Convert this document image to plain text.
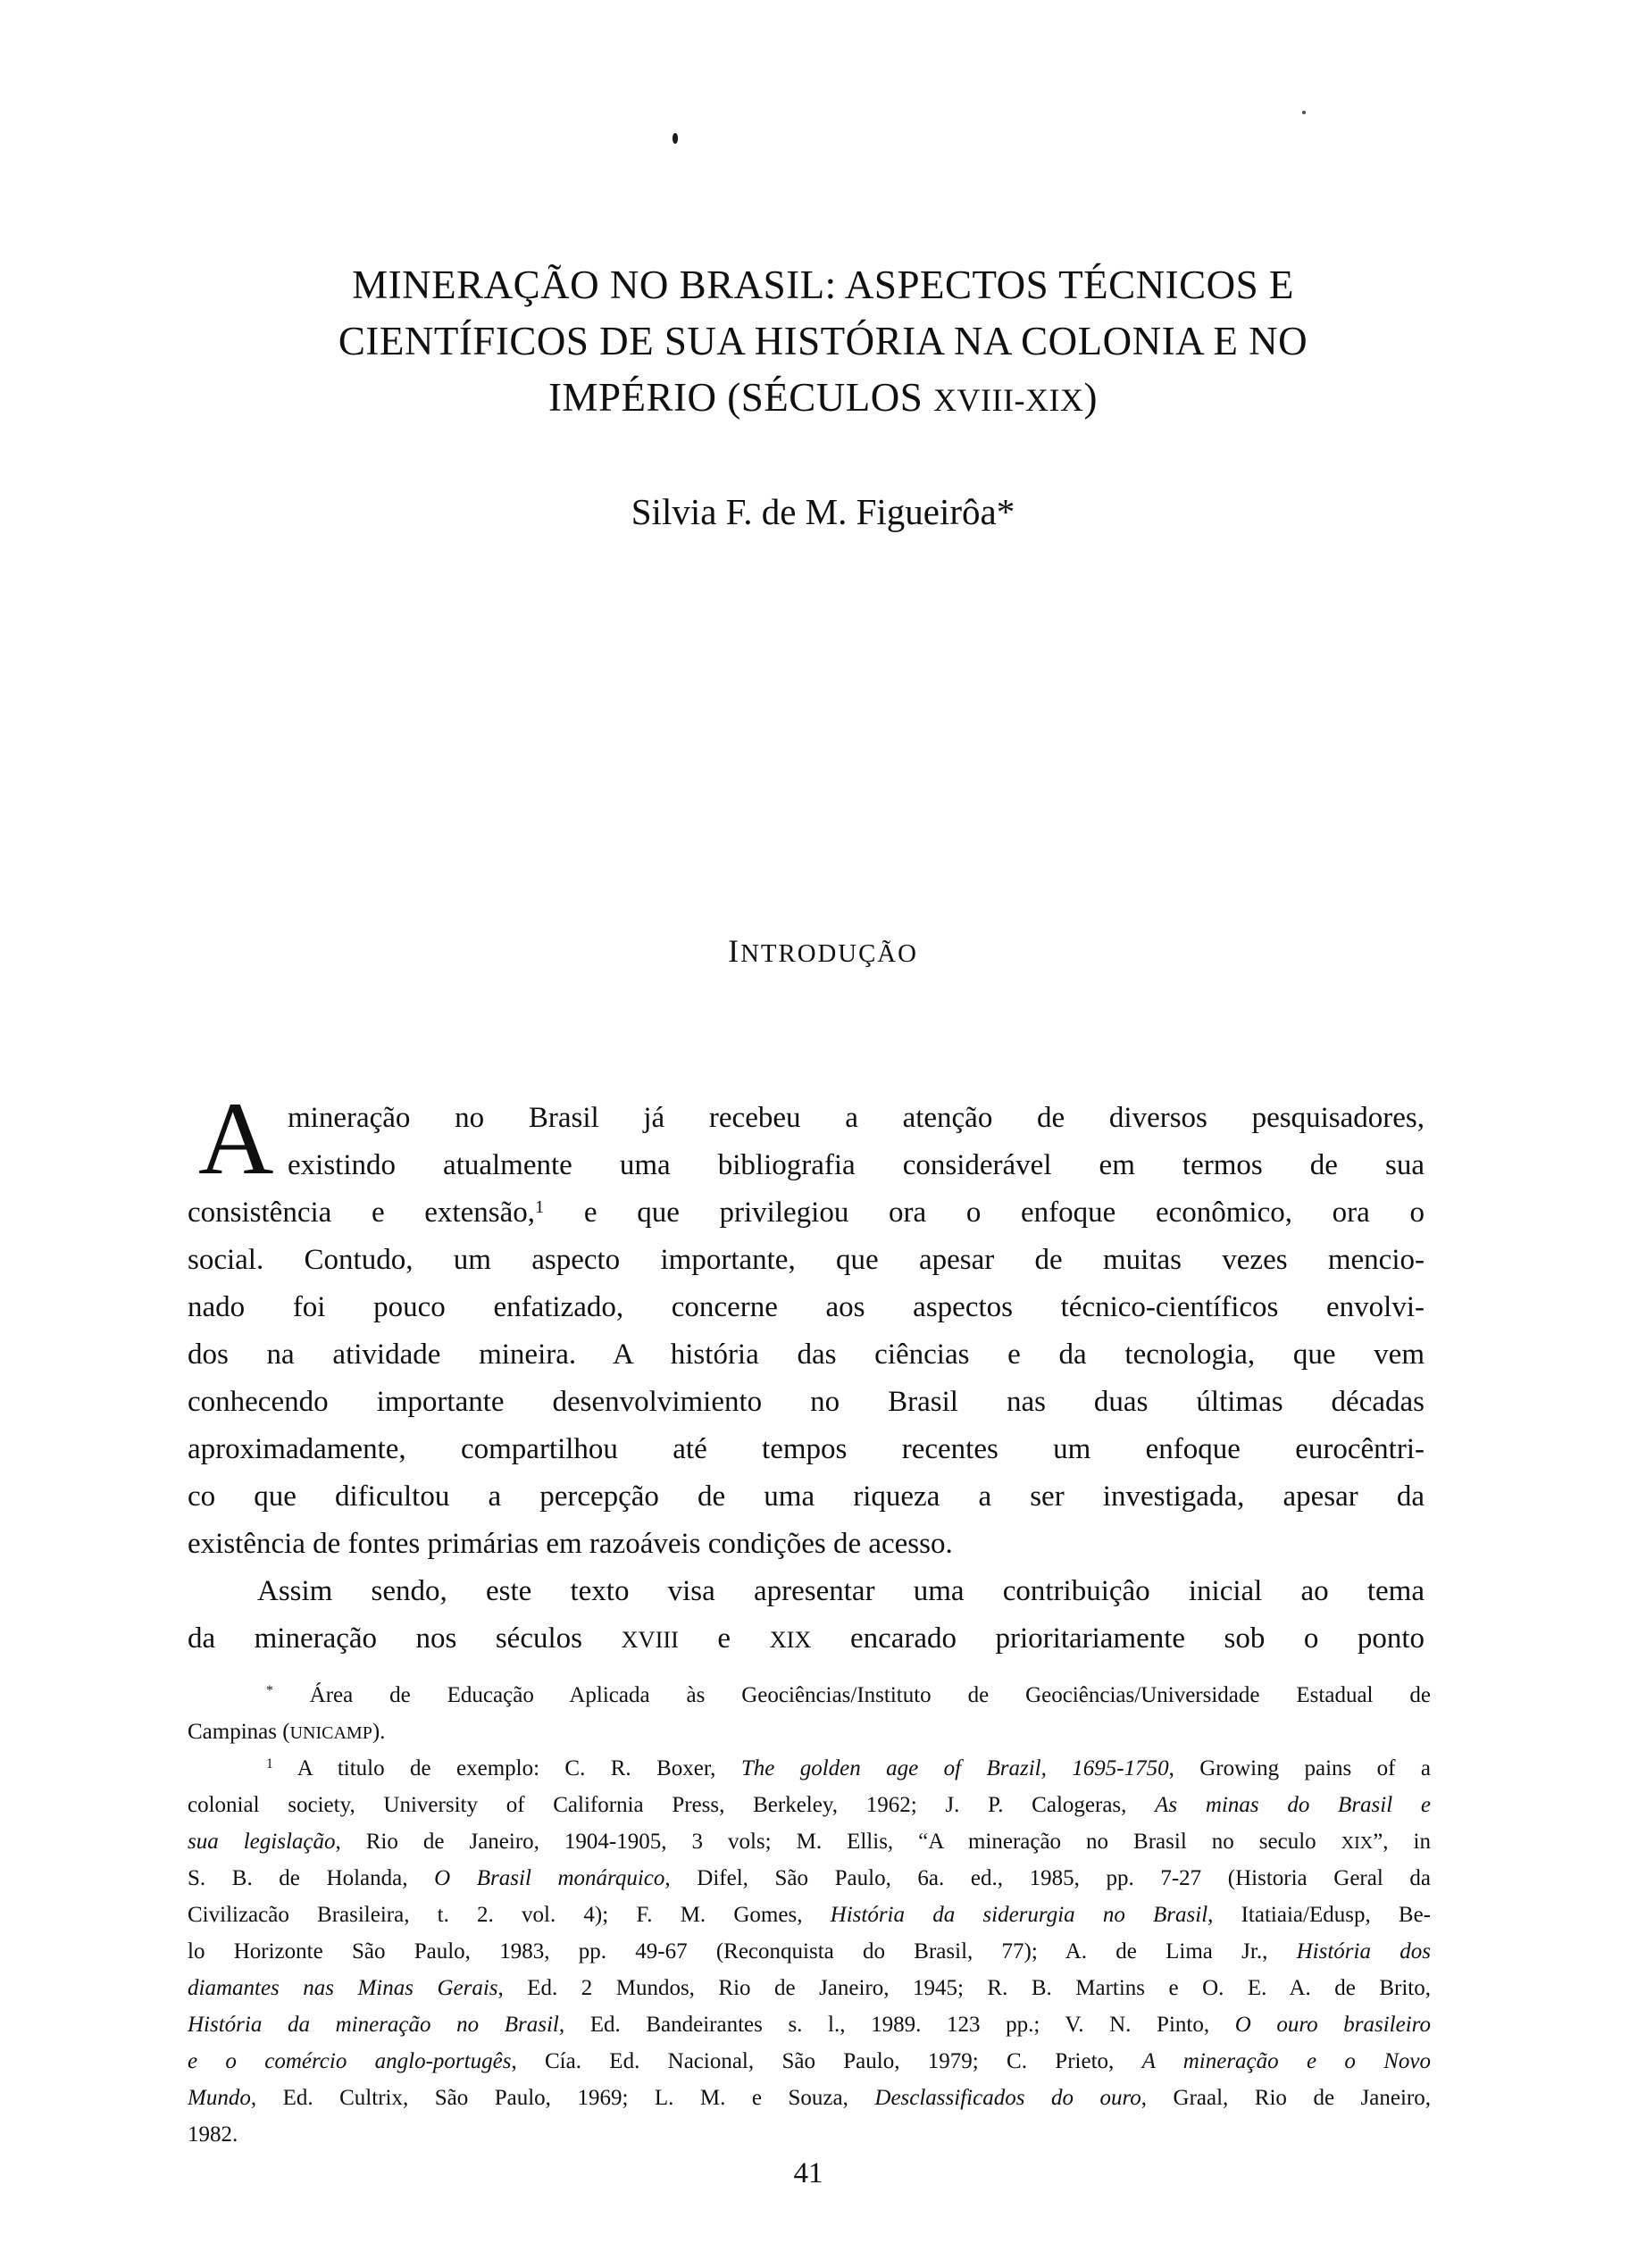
MINERAÇÃO NO BRASIL: ASPECTOS TÉCNICOS E
CIENTÍFICOS DE SUA HISTÓRIA NA COLONIA E NO
IMPÉRIO (SÉCULOS XVIII-XIX)
Silvia F. de M. Figueirôa*
INTRODUÇÃO
A mineração no Brasil já recebeu a atenção de diversos pesquisadores,
existindo atualmente uma bibliografia considerável em termos de sua
consistência e extensão,$^1$ e que privilegiou ora o enfoque econômico, ora o
social. Contudo, um aspecto importante, que apesar de muitas vezes mencio-
nado foi pouco enfatizado, concerne aos aspectos técnico-científicos envolvi-
dos na atividade mineira. A história das ciências e da tecnologia, que vem
conhecendo importante desenvolvimiento no Brasil nas duas últimas décadas
aproximadamente, compartilhou até tempos recentes um enfoque eurocêntri-
co que dificultou a percepção de uma riqueza a ser investigada, apesar da
existência de fontes primárias em razoáveis condições de acesso.
Assim sendo, este texto visa apresentar uma contribuiçâo inicial ao tema
da mineração nos séculos XVIII e XIX encarado prioritariamente sob o ponto
* Área de Educação Aplicada às Geociências/Instituto de Geociências/Universidade Estadual de
Campinas (UNICAMP).
$^1$ A titulo de exemplo: C. R. Boxer, The golden age of Brazil, 1695-1750, Growing pains of a
colonial society, University of California Press, Berkeley, 1962; J. P. Calogeras, As minas do Brasil e
sua legislação, Rio de Janeiro, 1904-1905, 3 vols; M. Ellis, “A mineração no Brasil no seculo XIX”, in
S. B. de Holanda, O Brasil monárquico, Difel, São Paulo, 6a. ed., 1985, pp. 7-27 (Historia Geral da
Civilizacão Brasileira, t. 2. vol. 4); F. M. Gomes, História da siderurgia no Brasil, Itatiaia/Edusp, Be-
lo Horizonte São Paulo, 1983, pp. 49-67 (Reconquista do Brasil, 77); A. de Lima Jr., História dos
diamantes nas Minas Gerais, Ed. 2 Mundos, Rio de Janeiro, 1945; R. B. Martins e O. E. A. de Brito,
História da mineração no Brasil, Ed. Bandeirantes s. l., 1989. 123 pp.; V. N. Pinto, O ouro brasileiro
e o comércio anglo-portugês, Cía. Ed. Nacional, São Paulo, 1979; C. Prieto, A mineração e o Novo
Mundo, Ed. Cultrix, São Paulo, 1969; L. M. e Souza, Desclassificados do ouro, Graal, Rio de Janeiro,
1982.
41
